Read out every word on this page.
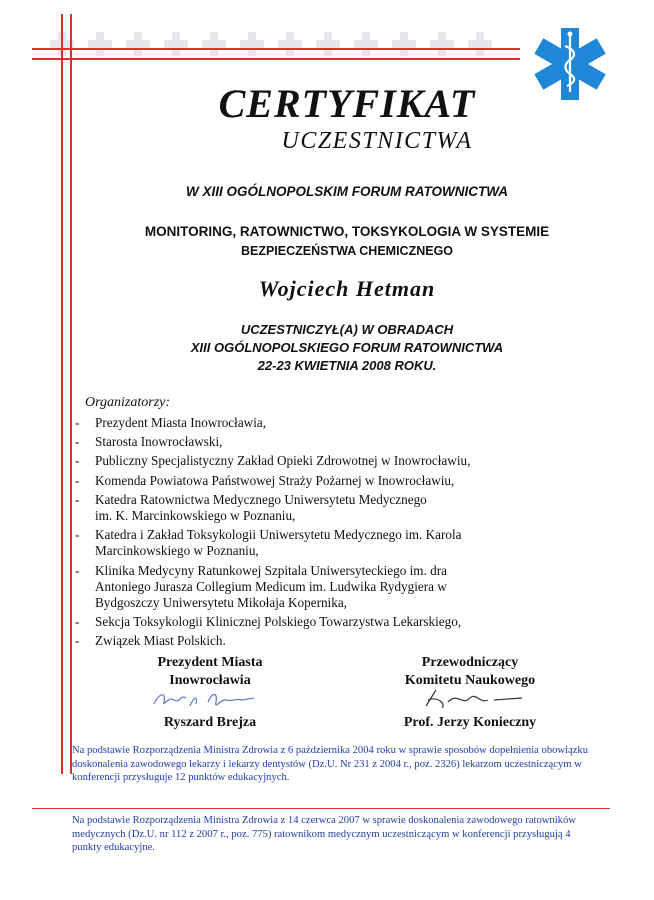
CERTYFIKAT
UCZESTNICTWA
W XIII OGÓLNOPOLSKIM FORUM RATOWNICTWA
MONITORING, RATOWNICTWO, TOKSYKOLOGIA W SYSTEMIE
BEZPIECZEŃSTWA CHEMICZNEGO
Wojciech Hetman
UCZESTNICZYŁ(A) W OBRADACH
XIII OGÓLNOPOLSKIEGO FORUM RATOWNICTWA
22-23 KWIETNIA 2008 ROKU.
Organizatorzy:
- Prezydent Miasta Inowrocławia,
- Starosta Inowrocławski,
- Publiczny Specjalistyczny Zakład Opieki Zdrowotnej w Inowrocławiu,
- Komenda Powiatowa Państwowej Straży Pożarnej w Inowrocławiu,
- Katedra Ratownictwa Medycznego Uniwersytetu Medycznego
im. K. Marcinkowskiego w Poznaniu,
- Katedra i Zakład Toksykologii Uniwersytetu Medycznego im. Karola
Marcinkowskiego w Poznaniu,
- Klinika Medycyny Ratunkowej Szpitala Uniwersyteckiego im. dra
Antoniego Jurasza Collegium Medicum im. Ludwika Rydygiera w
Bydgoszczy Uniwersytetu Mikołaja Kopernika,
- Sekcja Toksykologii Klinicznej Polskiego Towarzystwa Lekarskiego,
- Związek Miast Polskich.
Prezydent Miasta
Inowrocławia
Ryszard Brejza
Przewodniczący
Komitetu Naukowego
Prof. Jerzy Konieczny
Na podstawie Rozporządzenia Ministra Zdrowia z 6 października 2004 roku w sprawie sposobów dopełnienia obowiązku doskonalenia zawodowego lekarzy i lekarzy dentystów (Dz.U. Nr 231 z 2004 r., poz. 2326) lekarzom uczestniczącym w konferencji przysługuje 12 punktów edukacyjnych.
Na podstawie Rozporządzenia Ministra Zdrowia z 14 czerwca 2007 w sprawie doskonalenia zawodowego ratowników medycznych (Dz.U. nr 112 z 2007 r., poz. 775) ratownikom medycznym uczestniczącym w konferencji przysługują 4 punkty edukacyjne.
